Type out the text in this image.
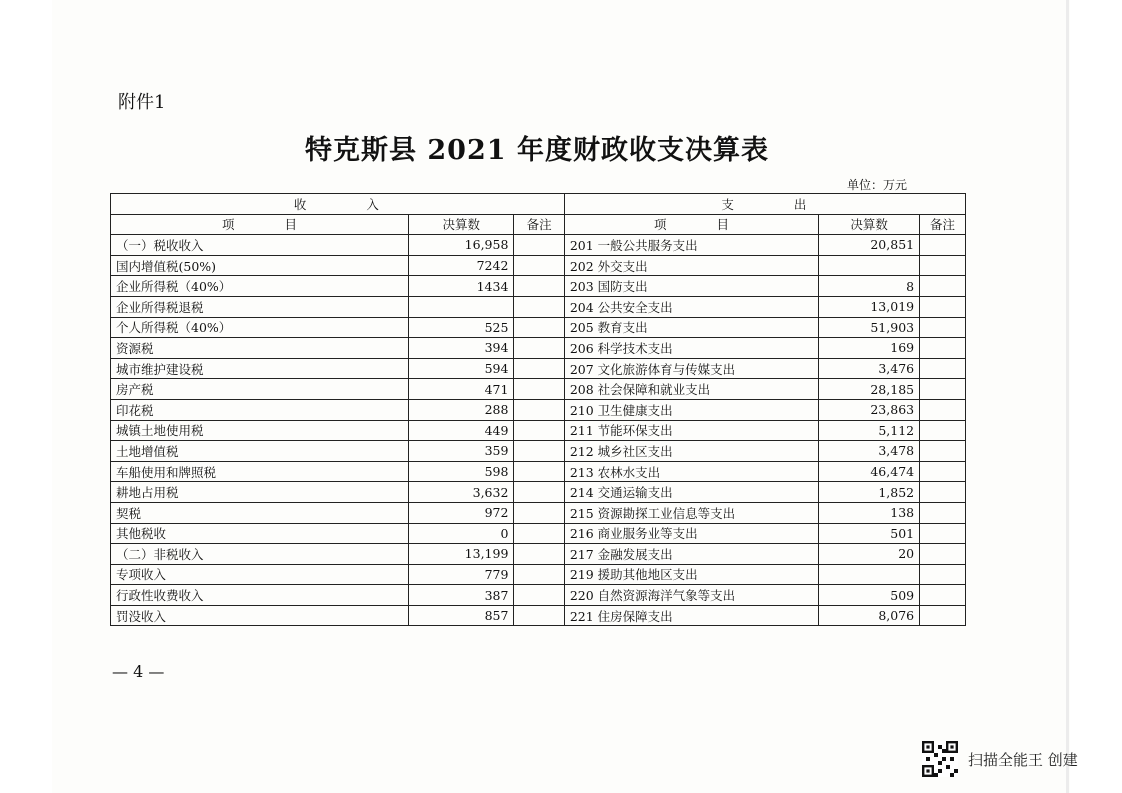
附件1
特克斯县 2021 年度财政收支决算表
单位：万元
收　　　　入			支　　　　出		
项　　　　目	决算数	备注	项　　　　目	决算数	备注
（一）税收收入	16,958		201 一般公共服务支出	20,851	
国内增值税(50%)	7242		202 外交支出		
企业所得税（40%）	1434		203 国防支出	8	
企业所得税退税			204 公共安全支出	13,019	
个人所得税（40%）	525		205 教育支出	51,903	
资源税	394		206 科学技术支出	169	
城市维护建设税	594		207 文化旅游体育与传媒支出	3,476	
房产税	471		208 社会保障和就业支出	28,185	
印花税	288		210 卫生健康支出	23,863	
城镇土地使用税	449		211 节能环保支出	5,112	
土地增值税	359		212 城乡社区支出	3,478	
车船使用和牌照税	598		213 农林水支出	46,474	
耕地占用税	3,632		214 交通运输支出	1,852	
契税	972		215 资源勘探工业信息等支出	138	
其他税收	0		216 商业服务业等支出	501	
（二）非税收入	13,199		217 金融发展支出	20	
专项收入	779		219 援助其他地区支出		
行政性收费收入	387		220 自然资源海洋气象等支出	509	
罚没收入	857		221 住房保障支出	8,076	
— 4 —
扫描全能王 创建
